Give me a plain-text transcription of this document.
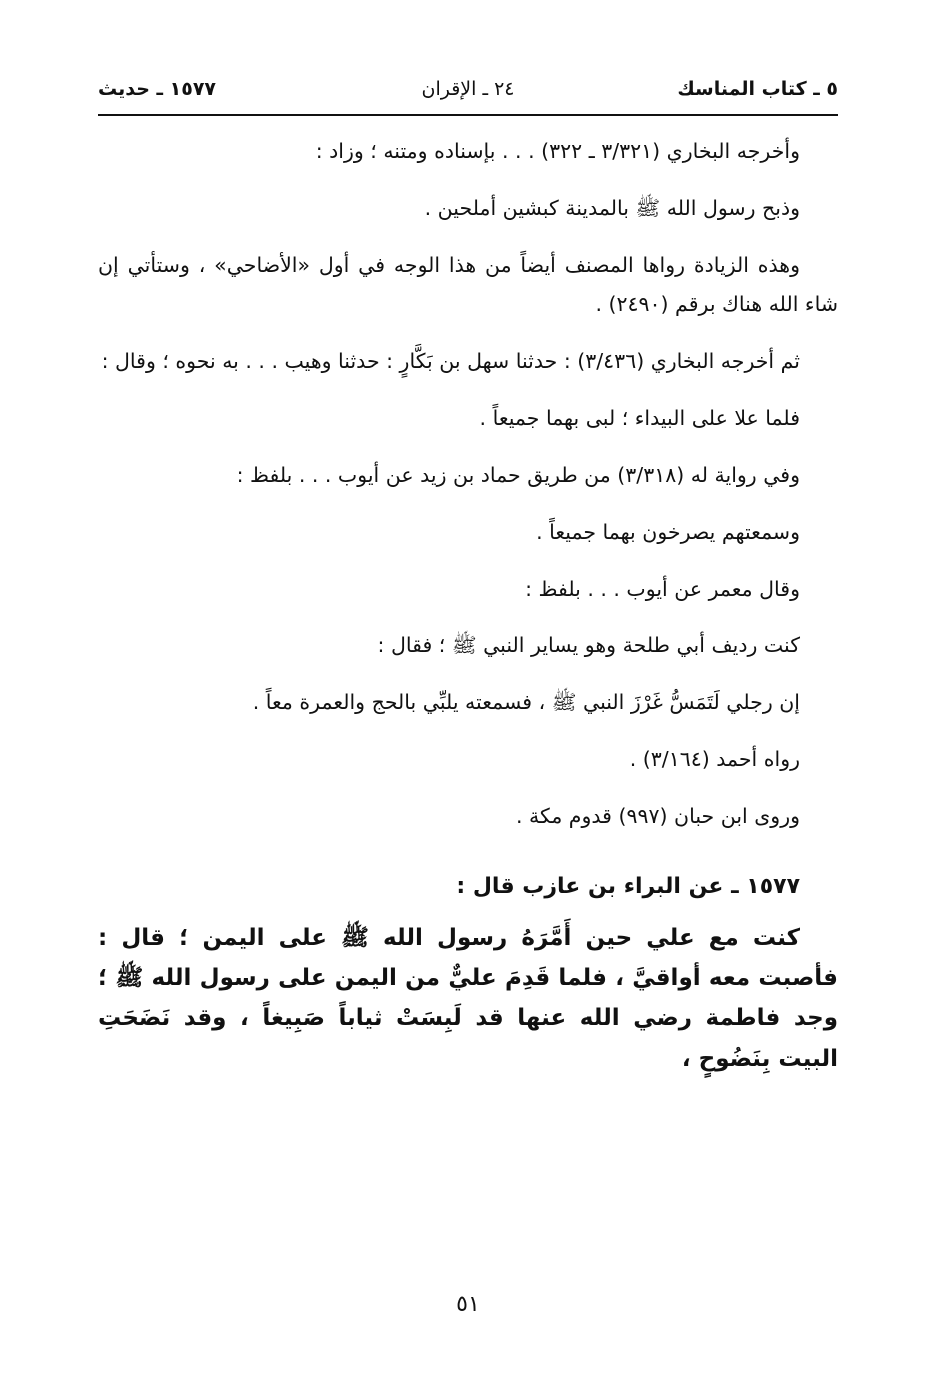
٥ ـ كتاب المناسك
٢٤ ـ الإقران
١٥٧٧ ـ حديث

وأخرجه البخاري (٣/٣٢١ ـ ٣٢٢) . . . بإسناده ومتنه ؛ وزاد :

وذبح رسول الله ﷺ بالمدينة كبشين أملحين .

وهذه الزيادة رواها المصنف أيضاً من هذا الوجه في أول «الأضاحي» ، وستأتي إن شاء الله هناك برقم (٢٤٩٠) .

ثم أخرجه البخاري (٣/٤٣٦) : حدثنا سهل بن بَكَّارٍ : حدثنا وهيب . . . به نحوه ؛ وقال :

فلما علا على البيداء ؛ لبى بهما جميعاً .

وفي رواية له (٣/٣١٨) من طريق حماد بن زيد عن أيوب . . . بلفظ :

وسمعتهم يصرخون بهما جميعاً .

وقال معمر عن أيوب . . . بلفظ :

كنت رديف أبي طلحة وهو يساير النبي ﷺ ؛ فقال :

إن رجلي لَتَمَسُّ غَرْزَ النبي ﷺ ، فسمعته يلبِّي بالحج والعمرة معاً .

رواه أحمد (٣/١٦٤) .

وروى ابن حبان (٩٩٧) قدوم مكة .

١٥٧٧ ـ عن البراء بن عازب قال :

كنت مع علي حين أَمَّرَهُ رسول الله ﷺ على اليمن ؛ قال : فأصبت معه أواقيَّ ، فلما قَدِمَ عليٌّ من اليمن على رسول الله ﷺ ؛ وجد فاطمة رضي الله عنها قد لَبِسَتْ ثياباً صَبِيغاً ، وقد نَضَحَتِ البيت بِنَضُوحٍ ،

٥١
